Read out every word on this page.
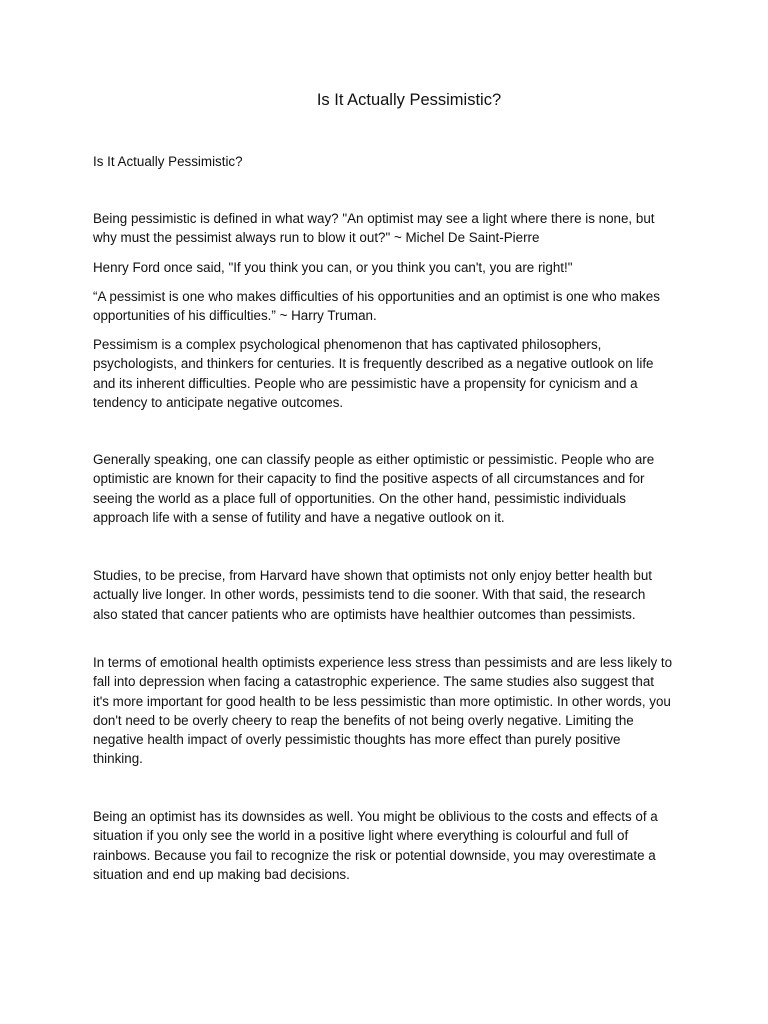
Is It Actually Pessimistic?

Is It Actually Pessimistic?

Being pessimistic is defined in what way? "An optimist may see a light where there is none, but why must the pessimist always run to blow it out?" ~ Michel De Saint-Pierre

Henry Ford once said, "If you think you can, or you think you can't, you are right!"

“A pessimist is one who makes difficulties of his opportunities and an optimist is one who makes opportunities of his difficulties.” ~ Harry Truman.

Pessimism is a complex psychological phenomenon that has captivated philosophers, psychologists, and thinkers for centuries. It is frequently described as a negative outlook on life and its inherent difficulties. People who are pessimistic have a propensity for cynicism and a tendency to anticipate negative outcomes.

Generally speaking, one can classify people as either optimistic or pessimistic. People who are optimistic are known for their capacity to find the positive aspects of all circumstances and for seeing the world as a place full of opportunities. On the other hand, pessimistic individuals approach life with a sense of futility and have a negative outlook on it.

Studies, to be precise, from Harvard have shown that optimists not only enjoy better health but actually live longer. In other words, pessimists tend to die sooner. With that said, the research also stated that cancer patients who are optimists have healthier outcomes than pessimists.

In terms of emotional health optimists experience less stress than pessimists and are less likely to fall into depression when facing a catastrophic experience. The same studies also suggest that it's more important for good health to be less pessimistic than more optimistic. In other words, you don't need to be overly cheery to reap the benefits of not being overly negative. Limiting the negative health impact of overly pessimistic thoughts has more effect than purely positive thinking.

Being an optimist has its downsides as well. You might be oblivious to the costs and effects of a situation if you only see the world in a positive light where everything is colourful and full of rainbows. Because you fail to recognize the risk or potential downside, you may overestimate a situation and end up making bad decisions.
